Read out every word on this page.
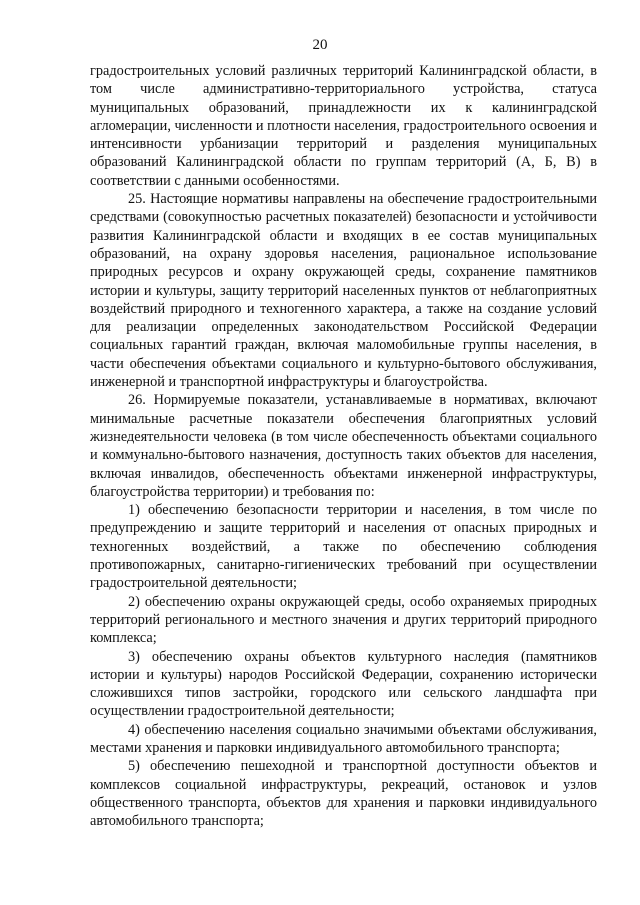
20

градостроительных условий различных территорий Калининградской области, в том числе административно-территориального устройства, статуса муниципальных образований, принадлежности их к калининградской агломерации, численности и плотности населения, градостроительного освоения и интенсивности урбанизации территорий и разделения муниципальных образований Калининградской области по группам территорий (А, Б, В) в соответствии с данными особенностями.

25. Настоящие нормативы направлены на обеспечение градостроительными средствами (совокупностью расчетных показателей) безопасности и устойчивости развития Калининградской области и входящих в ее состав муниципальных образований, на охрану здоровья населения, рациональное использование природных ресурсов и охрану окружающей среды, сохранение памятников истории и культуры, защиту территорий населенных пунктов от неблагоприятных воздействий природного и техногенного характера, а также на создание условий для реализации определенных законодательством Российской Федерации социальных гарантий граждан, включая маломобильные группы населения, в части обеспечения объектами социального и культурно-бытового обслуживания, инженерной и транспортной инфраструктуры и благоустройства.

26. Нормируемые показатели, устанавливаемые в нормативах, включают минимальные расчетные показатели обеспечения благоприятных условий жизнедеятельности человека (в том числе обеспеченность объектами социального и коммунально-бытового назначения, доступность таких объектов для населения, включая инвалидов, обеспеченность объектами инженерной инфраструктуры, благоустройства территории) и требования по:

1) обеспечению безопасности территории и населения, в том числе по предупреждению и защите территорий и населения от опасных природных и техногенных воздействий, а также по обеспечению соблюдения противопожарных, санитарно-гигиенических требований при осуществлении градостроительной деятельности;

2) обеспечению охраны окружающей среды, особо охраняемых природных территорий регионального и местного значения и других территорий природного комплекса;

3) обеспечению охраны объектов культурного наследия (памятников истории и культуры) народов Российской Федерации, сохранению исторически сложившихся типов застройки, городского или сельского ландшафта при осуществлении градостроительной деятельности;

4) обеспечению населения социально значимыми объектами обслуживания, местами хранения и парковки индивидуального автомобильного транспорта;

5) обеспечению пешеходной и транспортной доступности объектов и комплексов социальной инфраструктуры, рекреаций, остановок и узлов общественного транспорта, объектов для хранения и парковки индивидуального автомобильного транспорта;
